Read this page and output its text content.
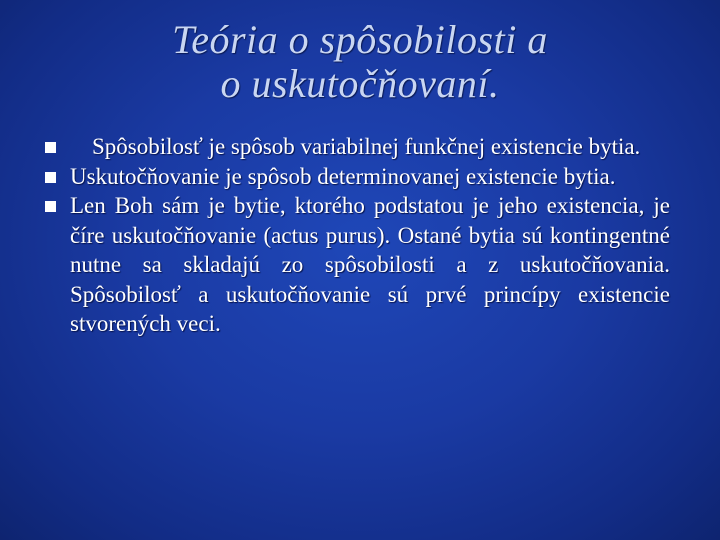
Teória o spôsobilosti a
o uskutočňovaní.
Spôsobilosť je spôsob variabilnej funkčnej existencie bytia.
Uskutočňovanie je spôsob determinovanej existencie bytia.
Len Boh sám je bytie, ktorého podstatou je jeho existencia, je číre uskutočňovanie (actus purus). Ostané bytia sú kontingentné nutne sa skladajú zo spôsobilosti a z uskutočňovania. Spôsobilosť a uskutočňovanie sú prvé princípy existencie stvorených veci.
